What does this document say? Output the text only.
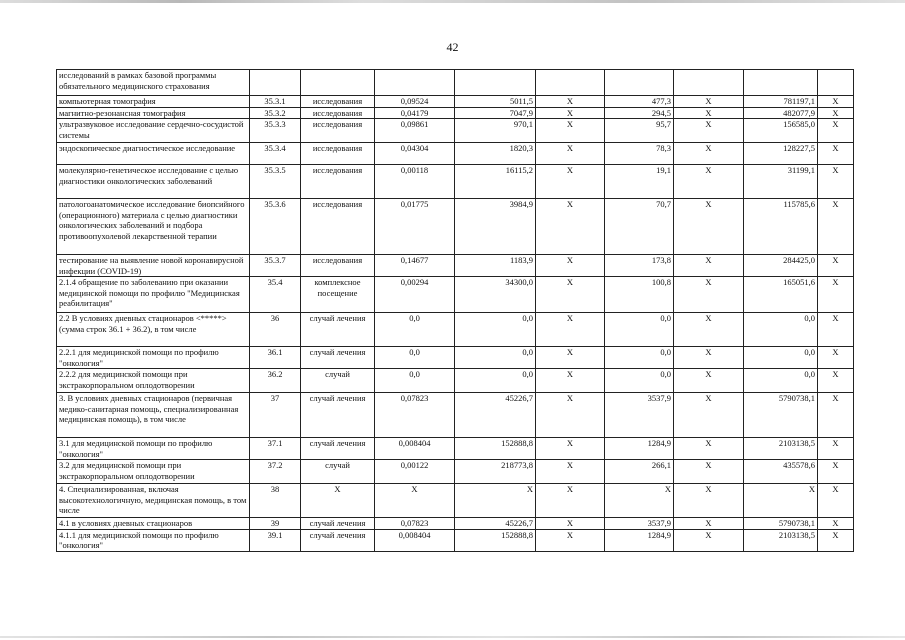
42
исследований в рамках базовой программы обязательного медицинского страхования									
компьютерная томография	35.3.1	исследования	0,09524	5011,5	X	477,3	X	781197,1	X
магнитно-резонансная томография	35.3.2	исследования	0,04179	7047,9	X	294,5	X	482077,9	X
ультразвуковое исследование сердечно-сосудистой системы	35.3.3	исследования	0,09861	970,1	X	95,7	X	156585,0	X
эндоскопическое диагностическое исследование	35.3.4	исследования	0,04304	1820,3	X	78,3	X	128227,5	X
молекулярно-генетическое исследование с целью диагностики онкологических заболеваний	35.3.5	исследования	0,00118	16115,2	X	19,1	X	31199,1	X
патологоанатомическое исследование биопсийного (операционного) материала с целью диагностики онкологических заболеваний и подбора противоопухолевой лекарственной терапии	35.3.6	исследования	0,01775	3984,9	X	70,7	X	115785,6	X
тестирование на выявление новой коронавирусной инфекции (COVID-19)	35.3.7	исследования	0,14677	1183,9	X	173,8	X	284425,0	X
2.1.4 обращение по заболеванию при оказании медицинской помощи по профилю "Медицинская реабилитация"	35.4	комплексное посещение	0,00294	34300,0	X	100,8	X	165051,6	X
2.2 В условиях дневных стационаров <*****> (сумма строк 36.1 + 36.2), в том числе	36	случай лечения	0,0	0,0	X	0,0	X	0,0	X
2.2.1 для медицинской помощи по профилю "онкология"	36.1	случай лечения	0,0	0,0	X	0,0	X	0,0	X
2.2.2 для медицинской помощи при экстракорпоральном оплодотворении	36.2	случай	0,0	0,0	X	0,0	X	0,0	X
3. В условиях дневных стационаров (первичная медико-санитарная помощь, специализированная медицинская помощь), в том числе	37	случай лечения	0,07823	45226,7	X	3537,9	X	5790738,1	X
3.1 для медицинской помощи по профилю "онкология"	37.1	случай лечения	0,008404	152888,8	X	1284,9	X	2103138,5	X
3.2 для медицинской помощи при экстракорпоральном оплодотворении	37.2	случай	0,00122	218773,8	X	266,1	X	435578,6	X
4. Специализированная, включая высокотехнологичную, медицинская помощь, в том числе	38	X	X	X	X	X	X	X	X
4.1 в условиях дневных стационаров	39	случай лечения	0,07823	45226,7	X	3537,9	X	5790738,1	X
4.1.1 для медицинской помощи по профилю "онкология"	39.1	случай лечения	0,008404	152888,8	X	1284,9	X	2103138,5	X
